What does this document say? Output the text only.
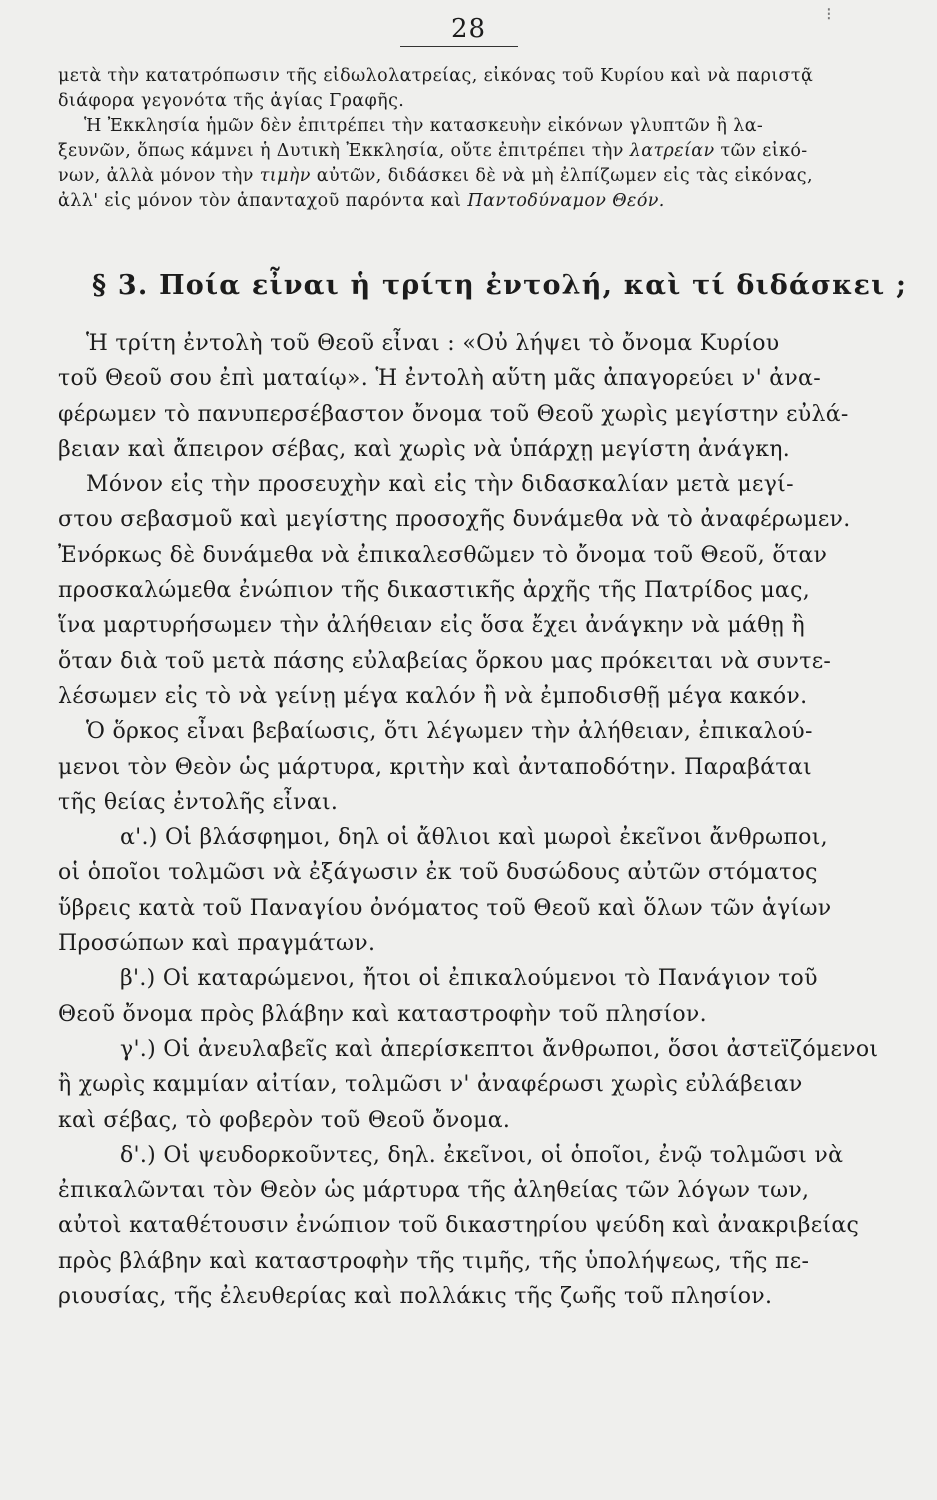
28	⁝
μετὰ τὴν κατατρόπωσιν τῆς εἰδωλολατρείας, εἰκόνας τοῦ Κυρίου καὶ νὰ παριστᾷ
διάφορα γεγονότα τῆς ἁγίας Γραφῆς.
Ἡ Ἐκκλησία ἡμῶν δὲν ἐπιτρέπει τὴν κατασκευὴν εἰκόνων γλυπτῶν ἢ λα-
ξευνῶν, ὅπως κάμνει ἡ Δυτικὴ Ἐκκλησία, οὔτε ἐπιτρέπει τὴν λατρείαν τῶν εἰκό-
νων, ἀλλὰ μόνον τὴν τιμὴν αὐτῶν, διδάσκει δὲ νὰ μὴ ἐλπίζωμεν εἰς τὰς εἰκόνας,
ἀλλ' εἰς μόνον τὸν ἁπανταχοῦ παρόντα καὶ Παντοδύναμον Θεόν.
§ 3. Ποία εἶναι ἡ τρίτη ἐντολή, καὶ τί διδάσκει ;
Ἡ τρίτη ἐντολὴ τοῦ Θεοῦ εἶναι : «Οὐ λήψει τὸ ὄνομα Κυρίου
τοῦ Θεοῦ σου ἐπὶ ματαίῳ». Ἡ ἐντολὴ αὕτη μᾶς ἀπαγορεύει ν' ἀνα-
φέρωμεν τὸ πανυπερσέβαστον ὄνομα τοῦ Θεοῦ χωρὶς μεγίστην εὐλά-
βειαν καὶ ἄπειρον σέβας, καὶ χωρὶς νὰ ὑπάρχῃ μεγίστη ἀνάγκη.
Μόνον εἰς τὴν προσευχὴν καὶ εἰς τὴν διδασκαλίαν μετὰ μεγί-
στου σεβασμοῦ καὶ μεγίστης προσοχῆς δυνάμεθα νὰ τὸ ἀναφέρωμεν.
Ἐνόρκως δὲ δυνάμεθα νὰ ἐπικαλεσθῶμεν τὸ ὄνομα τοῦ Θεοῦ, ὅταν
προσκαλώμεθα ἐνώπιον τῆς δικαστικῆς ἀρχῆς τῆς Πατρίδος μας,
ἵνα μαρτυρήσωμεν τὴν ἀλήθειαν εἰς ὅσα ἔχει ἀνάγκην νὰ μάθῃ ἢ
ὅταν διὰ τοῦ μετὰ πάσης εὐλαβείας ὅρκου μας πρόκειται νὰ συντε-
λέσωμεν εἰς τὸ νὰ γείνῃ μέγα καλόν ἢ νὰ ἐμποδισθῇ μέγα κακόν.
Ὁ ὅρκος εἶναι βεβαίωσις, ὅτι λέγωμεν τὴν ἀλήθειαν, ἐπικαλού-
μενοι τὸν Θεὸν ὡς μάρτυρα, κριτὴν καὶ ἀνταποδότην. Παραβάται
τῆς θείας ἐντολῆς εἶναι.
α'.) Οἱ βλάσφημοι, δηλ οἱ ἄθλιοι καὶ μωροὶ ἐκεῖνοι ἄνθρωποι,
οἱ ὁποῖοι τολμῶσι νὰ ἐξάγωσιν ἐκ τοῦ δυσώδους αὐτῶν στόματος
ὕβρεις κατὰ τοῦ Παναγίου ὀνόματος τοῦ Θεοῦ καὶ ὅλων τῶν ἁγίων
Προσώπων καὶ πραγμάτων.
β'.) Οἱ καταρώμενοι, ἤτοι οἱ ἐπικαλούμενοι τὸ Πανάγιον τοῦ
Θεοῦ ὄνομα πρὸς βλάβην καὶ καταστροφὴν τοῦ πλησίον.
γ'.) Οἱ ἀνευλαβεῖς καὶ ἀπερίσκεπτοι ἄνθρωποι, ὅσοι ἀστεϊζόμενοι
ἢ χωρὶς καμμίαν αἰτίαν, τολμῶσι ν' ἀναφέρωσι χωρὶς εὐλάβειαν
καὶ σέβας, τὸ φοβερὸν τοῦ Θεοῦ ὄνομα.
δ'.) Οἱ ψευδορκοῦντες, δηλ. ἐκεῖνοι, οἱ ὁποῖοι, ἐνῷ τολμῶσι νὰ
ἐπικαλῶνται τὸν Θεὸν ὡς μάρτυρα τῆς ἀληθείας τῶν λόγων των,
αὐτοὶ καταθέτουσιν ἐνώπιον τοῦ δικαστηρίου ψεύδη καὶ ἀνακριβείας
πρὸς βλάβην καὶ καταστροφὴν τῆς τιμῆς, τῆς ὑπολήψεως, τῆς πε-
ριουσίας, τῆς ἐλευθερίας καὶ πολλάκις τῆς ζωῆς τοῦ πλησίον.
